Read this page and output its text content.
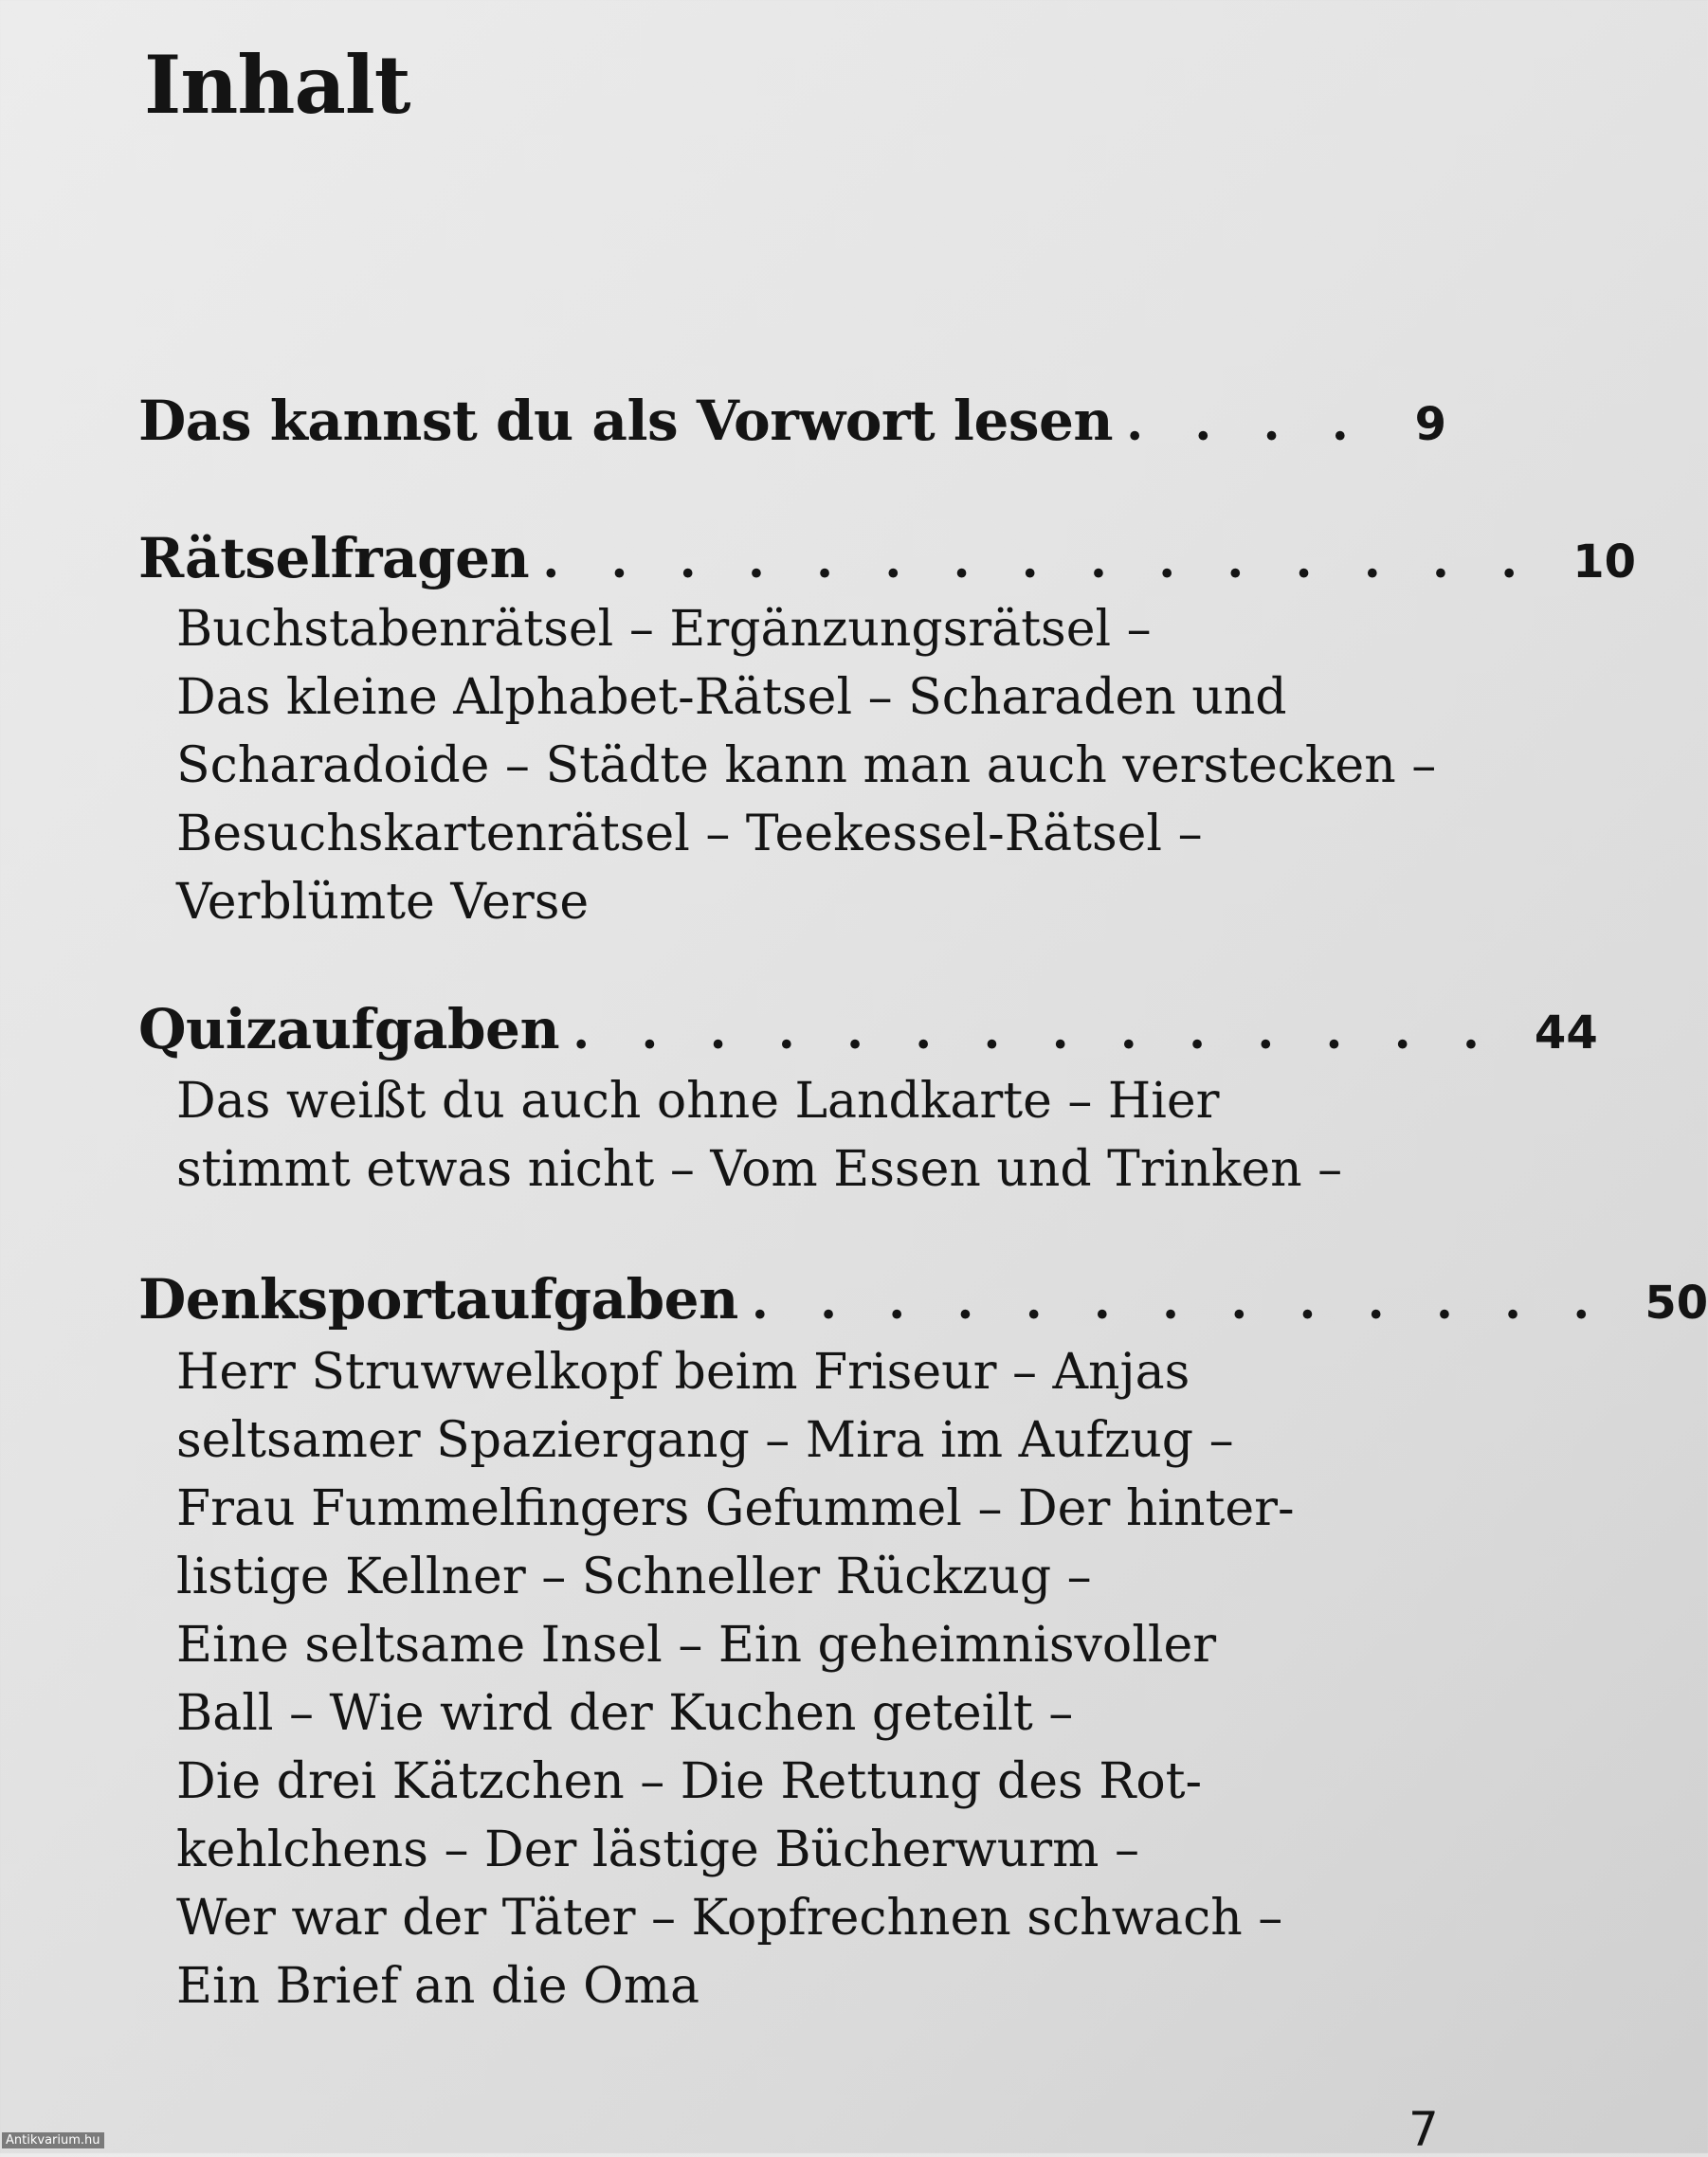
Inhalt
Das kannst du als Vorwort lesen . . . . 9
Rätselfragen . . . . . . . . . . . . . . . 10
Buchstabenrätsel – Ergänzungsrätsel –
Das kleine Alphabet-Rätsel – Scharaden und
Scharadoide – Städte kann man auch verstecken –
Besuchskartenrätsel – Teekessel-Rätsel –
Verblümte Verse
Quizaufgaben . . . . . . . . . . . . . . 44
Das weißt du auch ohne Landkarte – Hier
stimmt etwas nicht – Vom Essen und Trinken –
Denksportaufgaben . . . . . . . . . . . . . 50
Herr Struwwelkopf beim Friseur – Anjas
seltsamer Spaziergang – Mira im Aufzug –
Frau Fummelfingers Gefummel – Der hinter-
listige Kellner – Schneller Rückzug –
Eine seltsame Insel – Ein geheimnisvoller
Ball – Wie wird der Kuchen geteilt –
Die drei Kätzchen – Die Rettung des Rot-
kehlchens – Der lästige Bücherwurm –
Wer war der Täter – Kopfrechnen schwach –
Ein Brief an die Oma
7
Antikvarium.hu
